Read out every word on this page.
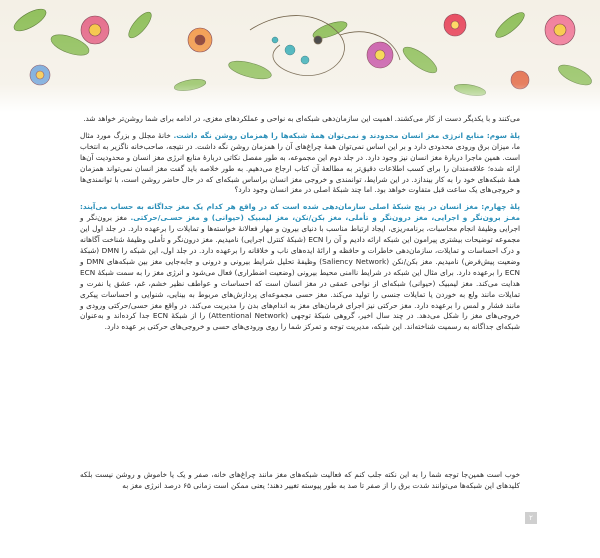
می‌کنند و با یکدیگر دست از کار می‌کشند. اهمیت این سازمان‌دهی شبکه‌ای به نواحی و عملکردهای مغزی، در ادامه برای شما روشن‌تر خواهد شد.

پلهٔ سوم: منابع انرژی مغز انسان محدودند و نمی‌توان همهٔ شبکه‌ها را همزمان روشن نگه داشت. خانهٔ مجلل و بزرگ مورد مثال ما، میزان برق ورودی محدودی دارد و بر این اساس نمی‌توان همهٔ چراغ‌های آن را همزمان روشن نگه داشت. در نتیجه، صاحب‌خانه ناگزیر به انتخاب است. همین ماجرا دربارهٔ مغز انسان نیز وجود دارد. در جلد دوم این مجموعه، به طور مفصل نکاتی دربارهٔ منابع انرژی مغز انسان و محدودیت آن‌ها ارائه شده؛ علاقه‌مندان را برای کسب اطلاعات دقیق‌تر به مطالعهٔ آن کتاب ارجاع می‌دهیم. به طور خلاصه باید گفت مغز انسان نمی‌تواند همزمان همهٔ شبکه‌های خود را به کار بیندازد. در این شرایط، توانمندی و خروجی مغز انسان براساس شبکه‌ای که در حال حاضر روشن است، با توانمندی‌ها و خروجی‌های یک ساعت قبل متفاوت خواهد بود. اما چند شبکهٔ اصلی در مغز انسان وجود دارد؟

پلهٔ چهارم: مغز انسان در پنج شبکهٔ اصلی سازمان‌دهی شده است که در واقع هر کدام یک مغز جداگانه به حساب می‌آیند: مغـز برون‌نگر و اجرایی، مغز درون‌نگر و تأملی، مغز بکن/نکن، مغز لیمبیک (حیوانی) و مغز حسـی/حرکتی. مغز برون‌نگر و اجرایی وظیفهٔ انجام محاسبات، برنامه‌ریزی، ایجاد ارتباط مناسب با دنیای بیرون و مهار فعالانهٔ خواسته‌ها و تمایلات را برعهده دارد. در جلد اول این مجموعه توضیحات بیشتری پیرامون این شبکه ارائه دادیم و آن را ECN (شبکهٔ کنترل اجرایی) نامیدیم. مغز درون‌نگر و تأملی وظیفهٔ شناخت آگاهانه و درک احساسات و تمایلات، سازمان‌دهی خاطرات و حافظه و ارائهٔ ایده‌های ناب و خلاقانه را برعهده دارد. در جلد اول، این شبکه را DMN (شبکهٔ وضعیت پیش‌فرض) نامیدیم. مغز بکن/نکن (Saliency Network) وظیفهٔ تحلیل شرایط بیرونی و درونی و جابه‌جایی مغز بین شبکه‌های DMN و ECN را برعهده دارد. برای مثال این شبکه در شرایط ناامنی محیط بیرونی (وضعیت اضطراری) فعال می‌شود و انرژی مغز را به سمت شبکهٔ ECN هدایت می‌کند. مغز لیمبیک (حیوانی) شبکه‌ای از نواحی عمقی در مغز انسان است که احساسات و عواطف نظیر خشم، غم، عشق یا نفرت و تمایلات مانند ولع به خوردن یا تمایلات جنسی را تولید می‌کند. مغز حسی مجموعه‌ای پردازش‌های مربوط به بینایی، شنوایی و احساسات پیکری مانند فشار و لمس را برعهده دارد. مغز حرکتی نیز اجرای فرمان‌های مغز به اندام‌های بدن را مدیریت می‌کند. در واقع مغز حسی/حرکتی ورودی و خروجی‌های مغز را شکل می‌دهد. در چند سال اخیر، گروهی شبکهٔ توجهی (Attentional Network) را از شبکهٔ ECN جدا کرده‌اند و به‌عنوان شبکه‌ای جداگانه به رسمیت شناخته‌اند. این شبکه، مدیریت توجه و تمرکز شما را روی ورودی‌های حسی و خروجی‌های حرکتی بر عهده دارد.

خوب است همین‌جا توجه شما را به این نکته جلب کنم که فعالیت شبکه‌های مغز مانند چراغ‌های خانه، صفر و یک یا خاموش و روشن نیست بلکه کلیدهای این شبکه‌ها می‌توانند شدت برق را از صفر تا صد به طور پیوسته تغییر دهند؛ یعنی ممکن است زمانی ۶۵ درصد انرژی مغز به
۲
